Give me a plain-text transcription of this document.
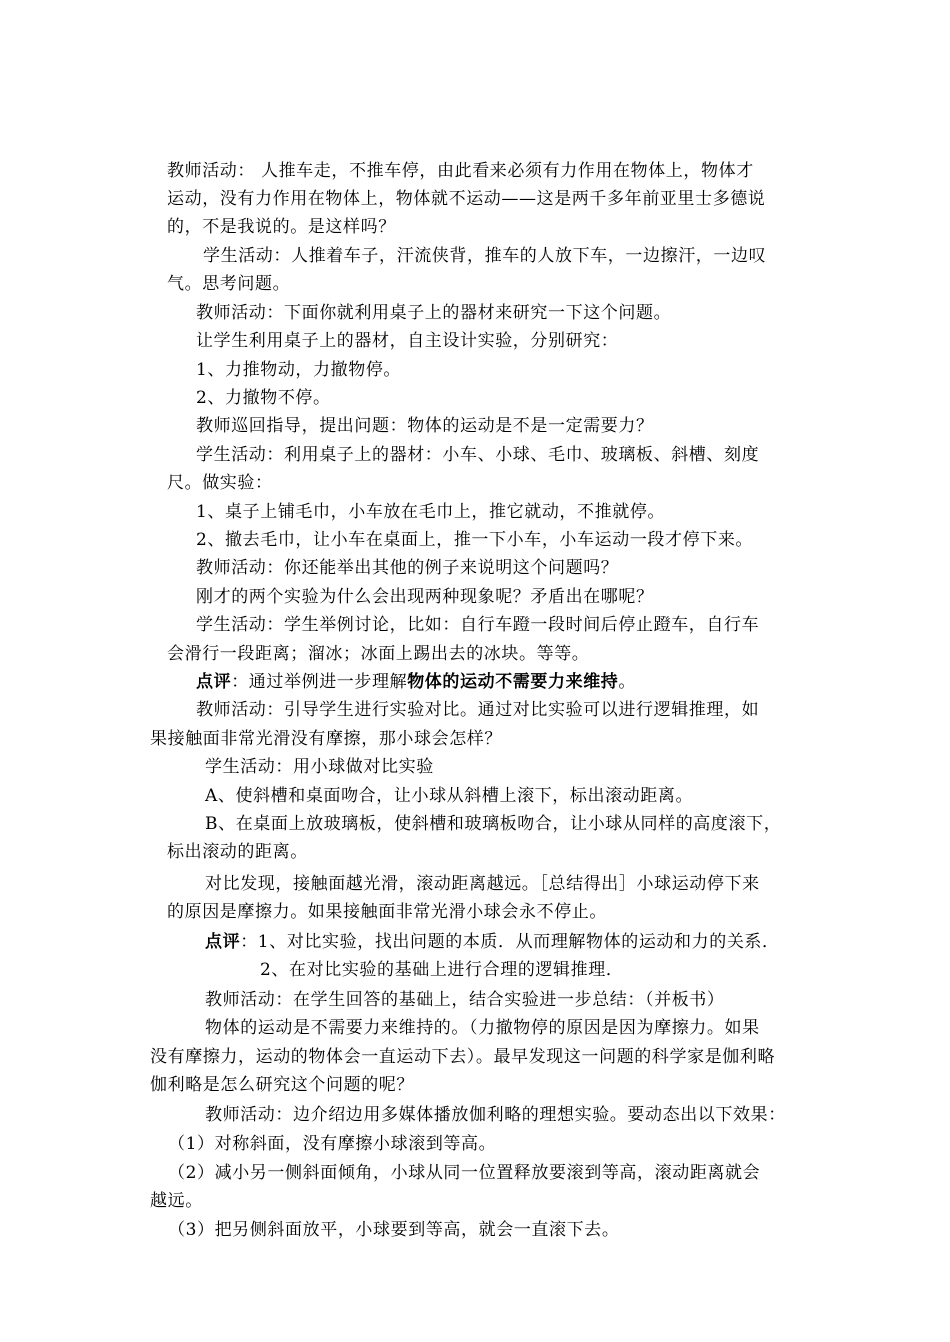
教师活动： 人推车走，不推车停，由此看来必须有力作用在物体上，物体才
运动，没有力作用在物体上，物体就不运动——这是两千多年前亚里士多德说
的，不是我说的。是这样吗？
学生活动：人推着车子，汗流侠背，推车的人放下车，一边擦汗，一边叹
气。思考问题。
教师活动：下面你就利用桌子上的器材来研究一下这个问题。
让学生利用桌子上的器材，自主设计实验，分别研究：
1、力推物动，力撤物停。
2、力撤物不停。
教师巡回指导，提出问题：物体的运动是不是一定需要力？
学生活动：利用桌子上的器材：小车、小球、毛巾、玻璃板、斜槽、刻度
尺。做实验：
1、桌子上铺毛巾，小车放在毛巾上，推它就动，不推就停。
2、撤去毛巾，让小车在桌面上，推一下小车，小车运动一段才停下来。
教师活动：你还能举出其他的例子来说明这个问题吗？
刚才的两个实验为什么会出现两种现象呢？矛盾出在哪呢？
学生活动：学生举例讨论，比如：自行车蹬一段时间后停止蹬车，自行车
会滑行一段距离；溜冰；冰面上踢出去的冰块。等等。
点评：通过举例进一步理解物体的运动不需要力来维持。
教师活动：引导学生进行实验对比。通过对比实验可以进行逻辑推理，如
果接触面非常光滑没有摩擦，那小球会怎样？
学生活动：用小球做对比实验
A、使斜槽和桌面吻合，让小球从斜槽上滚下，标出滚动距离。
B、在桌面上放玻璃板，使斜槽和玻璃板吻合，让小球从同样的高度滚下，
标出滚动的距离。
对比发现，接触面越光滑，滚动距离越远。［总结得出］小球运动停下来
的原因是摩擦力。如果接触面非常光滑小球会永不停止。
点评：1、对比实验，找出问题的本质．从而理解物体的运动和力的关系．
2、在对比实验的基础上进行合理的逻辑推理．
教师活动：在学生回答的基础上，结合实验进一步总结：（并板书）
物体的运动是不需要力来维持的。（力撤物停的原因是因为摩擦力。如果
没有摩擦力，运动的物体会一直运动下去）。最早发现这一问题的科学家是伽利略
伽利略是怎么研究这个问题的呢？
教师活动：边介绍边用多媒体播放伽利略的理想实验。要动态出以下效果：
（1）对称斜面，没有摩擦小球滚到等高。
（2）减小另一侧斜面倾角，小球从同一位置释放要滚到等高，滚动距离就会
越远。
（3）把另侧斜面放平，小球要到等高，就会一直滚下去。
